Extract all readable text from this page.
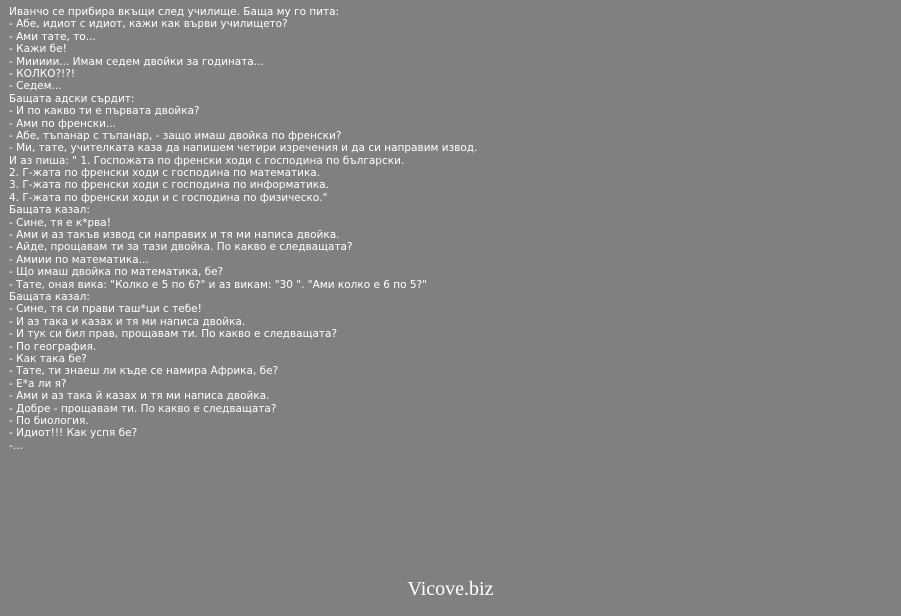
Иванчо се прибира вкъщи след училище. Баща му го пита:
- Абе, идиот с идиот, кажи как върви училището?
- Ами тате, то...
- Кажи бе!
- Миииии... Имам седем двойки за годината...
- КОЛКО?!?!
- Седем...
Бащата адски сърдит:
- И по какво ти е първата двойка?
- Ами по френски...
- Абе, тъпанар с тъпанар, - защо имаш двойка по френски?
- Ми, тате, учителката каза да напишем четири изречения и да си направим извод.
И аз пиша: " 1. Госпожата по френски ходи с господина по български.
2. Г-жата по френски ходи с господина по математика.
3. Г-жата по френски ходи с господина по информатика.
4. Г-жата по френски ходи и с господина по физическо."
Бащата казал:
- Сине, тя е к*рва!
- Ами и аз такъв извод си направих и тя ми написа двойка.
- Айде, прощавам ти за тази двойка. По какво е следващата?
- Амиии по математика...
- Що имаш двойка по математика, бе?
- Тате, оная вика: "Колко е 5 по 6?" и аз викам: "30 ". "Ами колко е 6 по 5?"
Бащата казал:
- Сине, тя си прави таш*ци с тебе!
- И аз така и казах и тя ми написа двойка.
- И тук си бил прав, прощавам ти. По какво е следващата?
- По география.
- Как така бе?
- Тате, ти знаеш ли къде се намира Африка, бе?
- Е*а ли я?
- Ами и аз така й казах и тя ми написа двойка.
- Добре - прощавам ти. По какво е следващата?
- По биология.
- Идиот!!! Как успя бе?
-...
Vicove.biz
